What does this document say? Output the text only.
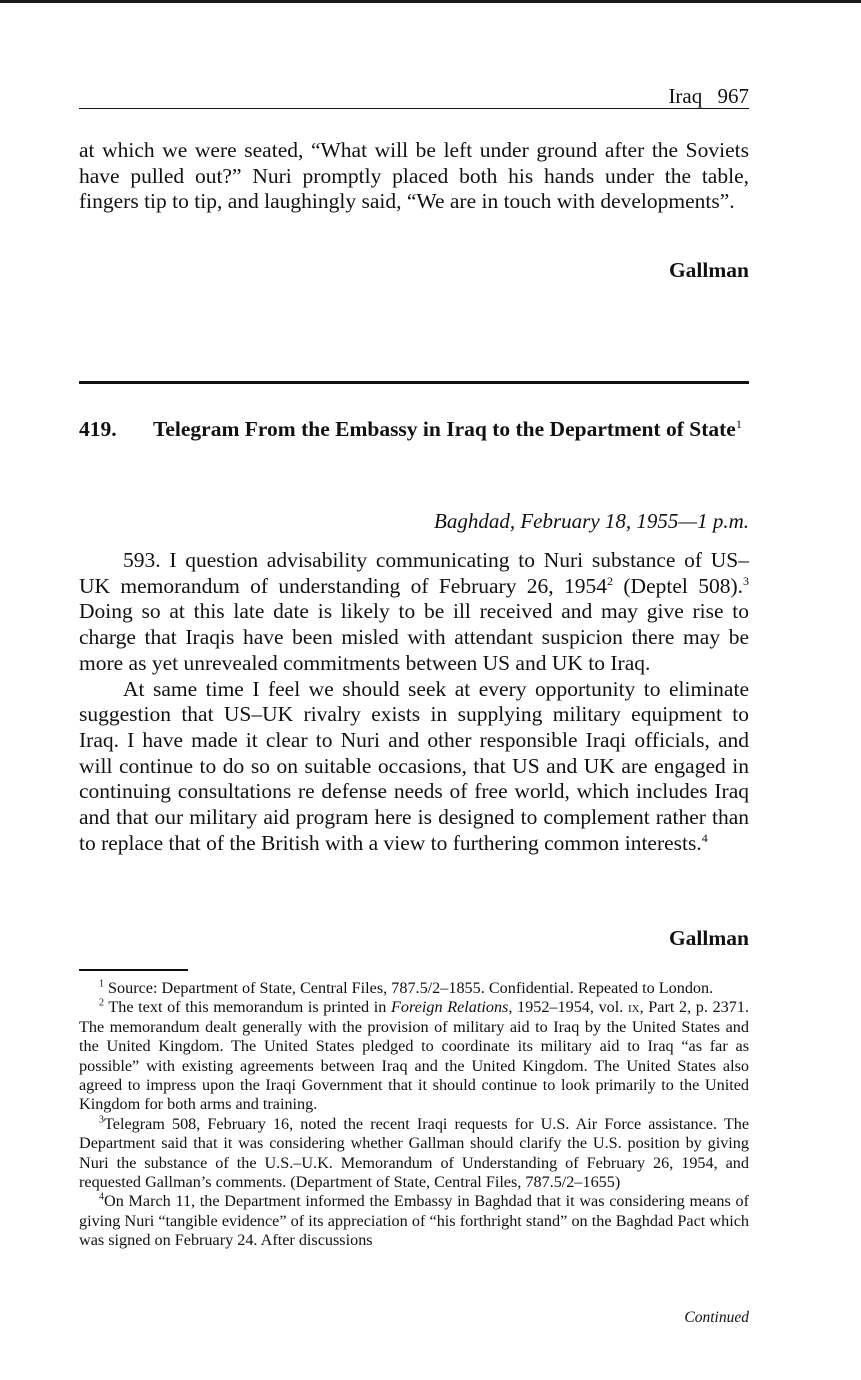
Iraq 967

at which we were seated, “What will be left under ground after the Soviets have pulled out?” Nuri promptly placed both his hands under the table, fingers tip to tip, and laughingly said, “We are in touch with developments”.

Gallman
419. Telegram From the Embassy in Iraq to the Department of State$^1$
Baghdad, February 18, 1955—1 p.m.

593. I question advisability communicating to Nuri substance of US–UK memorandum of understanding of February 26, 1954$^2$ (Deptel 508).$^3$ Doing so at this late date is likely to be ill received and may give rise to charge that Iraqis have been misled with attendant suspicion there may be more as yet unrevealed commitments between US and UK to Iraq.

At same time I feel we should seek at every opportunity to eliminate suggestion that US–UK rivalry exists in supplying military equipment to Iraq. I have made it clear to Nuri and other responsible Iraqi officials, and will continue to do so on suitable occasions, that US and UK are engaged in continuing consultations re defense needs of free world, which includes Iraq and that our military aid program here is designed to complement rather than to replace that of the British with a view to furthering common interests.$^4$

Gallman

$^1$ Source: Department of State, Central Files, 787.5/2–1855. Confidential. Repeated to London.

$^2$ The text of this memorandum is printed in Foreign Relations, 1952–1954, vol. ix, Part 2, p. 2371. The memorandum dealt generally with the provision of military aid to Iraq by the United States and the United Kingdom. The United States pledged to coordinate its military aid to Iraq “as far as possible” with existing agreements between Iraq and the United Kingdom. The United States also agreed to impress upon the Iraqi Government that it should continue to look primarily to the United Kingdom for both arms and training.

$^3$Telegram 508, February 16, noted the recent Iraqi requests for U.S. Air Force assistance. The Department said that it was considering whether Gallman should clarify the U.S. position by giving Nuri the substance of the U.S.–U.K. Memorandum of Understanding of February 26, 1954, and requested Gallman’s comments. (Department of State, Central Files, 787.5/2–1655)

$^4$On March 11, the Department informed the Embassy in Baghdad that it was considering means of giving Nuri “tangible evidence” of its appreciation of “his forthright stand” on the Baghdad Pact which was signed on February 24. After discussions

Continued
